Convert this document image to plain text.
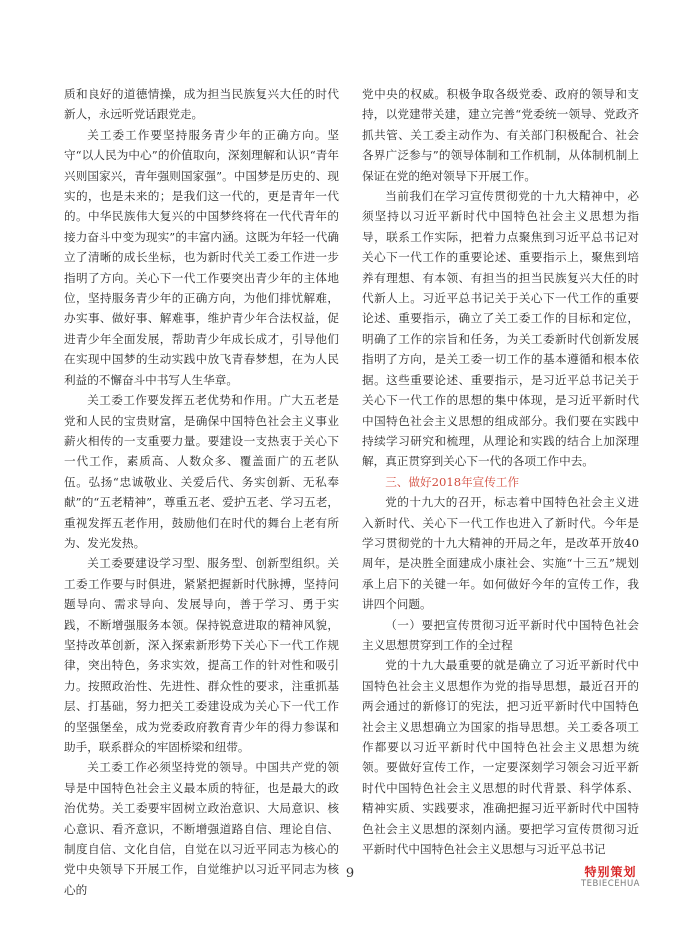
质和良好的道德情操，成为担当民族复兴大任的时代新人，永远听党话跟党走。

关工委工作要坚持服务青少年的正确方向。坚守“以人民为中心”的价值取向，深刻理解和认识“青年兴则国家兴，青年强则国家强”。中国梦是历史的、现实的，也是未来的；是我们这一代的，更是青年一代的。中华民族伟大复兴的中国梦终将在一代代青年的接力奋斗中变为现实”的丰富内涵。这既为年轻一代确立了清晰的成长坐标，也为新时代关工委工作进一步指明了方向。关心下一代工作要突出青少年的主体地位，坚持服务青少年的正确方向，为他们排忧解难，办实事、做好事、解难事，维护青少年合法权益，促进青少年全面发展，帮助青少年成长成才，引导他们在实现中国梦的生动实践中放飞青春梦想，在为人民利益的不懈奋斗中书写人生华章。

关工委工作要发挥五老优势和作用。广大五老是党和人民的宝贵财富，是确保中国特色社会主义事业薪火相传的一支重要力量。要建设一支热衷于关心下一代工作，素质高、人数众多、覆盖面广的五老队伍。弘扬“忠诚敬业、关爱后代、务实创新、无私奉献”的“五老精神”，尊重五老、爱护五老、学习五老，重视发挥五老作用，鼓励他们在时代的舞台上老有所为、发光发热。

关工委要建设学习型、服务型、创新型组织。关工委工作要与时俱进，紧紧把握新时代脉搏，坚持问题导向、需求导向、发展导向，善于学习、勇于实践，不断增强服务本领。保持锐意进取的精神风貌，坚持改革创新，深入探索新形势下关心下一代工作规律，突出特色，务求实效，提高工作的针对性和吸引力。按照政治性、先进性、群众性的要求，注重抓基层、打基础，努力把关工委建设成为关心下一代工作的坚强堡垒，成为党委政府教育青少年的得力参谋和助手，联系群众的牢固桥梁和纽带。

关工委工作必须坚持党的领导。中国共产党的领导是中国特色社会主义最本质的特征，也是最大的政治优势。关工委要牢固树立政治意识、大局意识、核心意识、看齐意识，不断增强道路自信、理论自信、制度自信、文化自信，自觉在以习近平同志为核心的党中央领导下开展工作，自觉维护以习近平同志为核心的

党中央的权威。积极争取各级党委、政府的领导和支持，以党建带关建，建立完善“党委统一领导、党政齐抓共管、关工委主动作为、有关部门积极配合、社会各界广泛参与”的领导体制和工作机制，从体制机制上保证在党的绝对领导下开展工作。

当前我们在学习宣传贯彻党的十九大精神中，必须坚持以习近平新时代中国特色社会主义思想为指导，联系工作实际，把着力点聚焦到习近平总书记对关心下一代工作的重要论述、重要指示上，聚焦到培养有理想、有本领、有担当的担当民族复兴大任的时代新人上。习近平总书记关于关心下一代工作的重要论述、重要指示，确立了关工委工作的目标和定位，明确了工作的宗旨和任务，为关工委新时代创新发展指明了方向，是关工委一切工作的基本遵循和根本依据。这些重要论述、重要指示，是习近平总书记关于关心下一代工作的思想的集中体现，是习近平新时代中国特色社会主义思想的组成部分。我们要在实践中持续学习研究和梳理，从理论和实践的结合上加深理解，真正贯穿到关心下一代的各项工作中去。

三、做好2018年宣传工作

党的十九大的召开，标志着中国特色社会主义进入新时代、关心下一代工作也进入了新时代。今年是学习贯彻党的十九大精神的开局之年，是改革开放40周年，是决胜全面建成小康社会、实施“十三五”规划承上启下的关键一年。如何做好今年的宣传工作，我讲四个问题。

（一）要把宣传贯彻习近平新时代中国特色社会主义思想贯穿到工作的全过程

党的十九大最重要的就是确立了习近平新时代中国特色社会主义思想作为党的指导思想，最近召开的两会通过的新修订的宪法，把习近平新时代中国特色社会主义思想确立为国家的指导思想。关工委各项工作都要以习近平新时代中国特色社会主义思想为统领。要做好宣传工作，一定要深刻学习领会习近平新时代中国特色社会主义思想的时代背景、科学体系、精神实质、实践要求，准确把握习近平新时代中国特色社会主义思想的深刻内涵。要把学习宣传贯彻习近平新时代中国特色社会主义思想与习近平总书记

9	特别策划
TEBIECEHUA
